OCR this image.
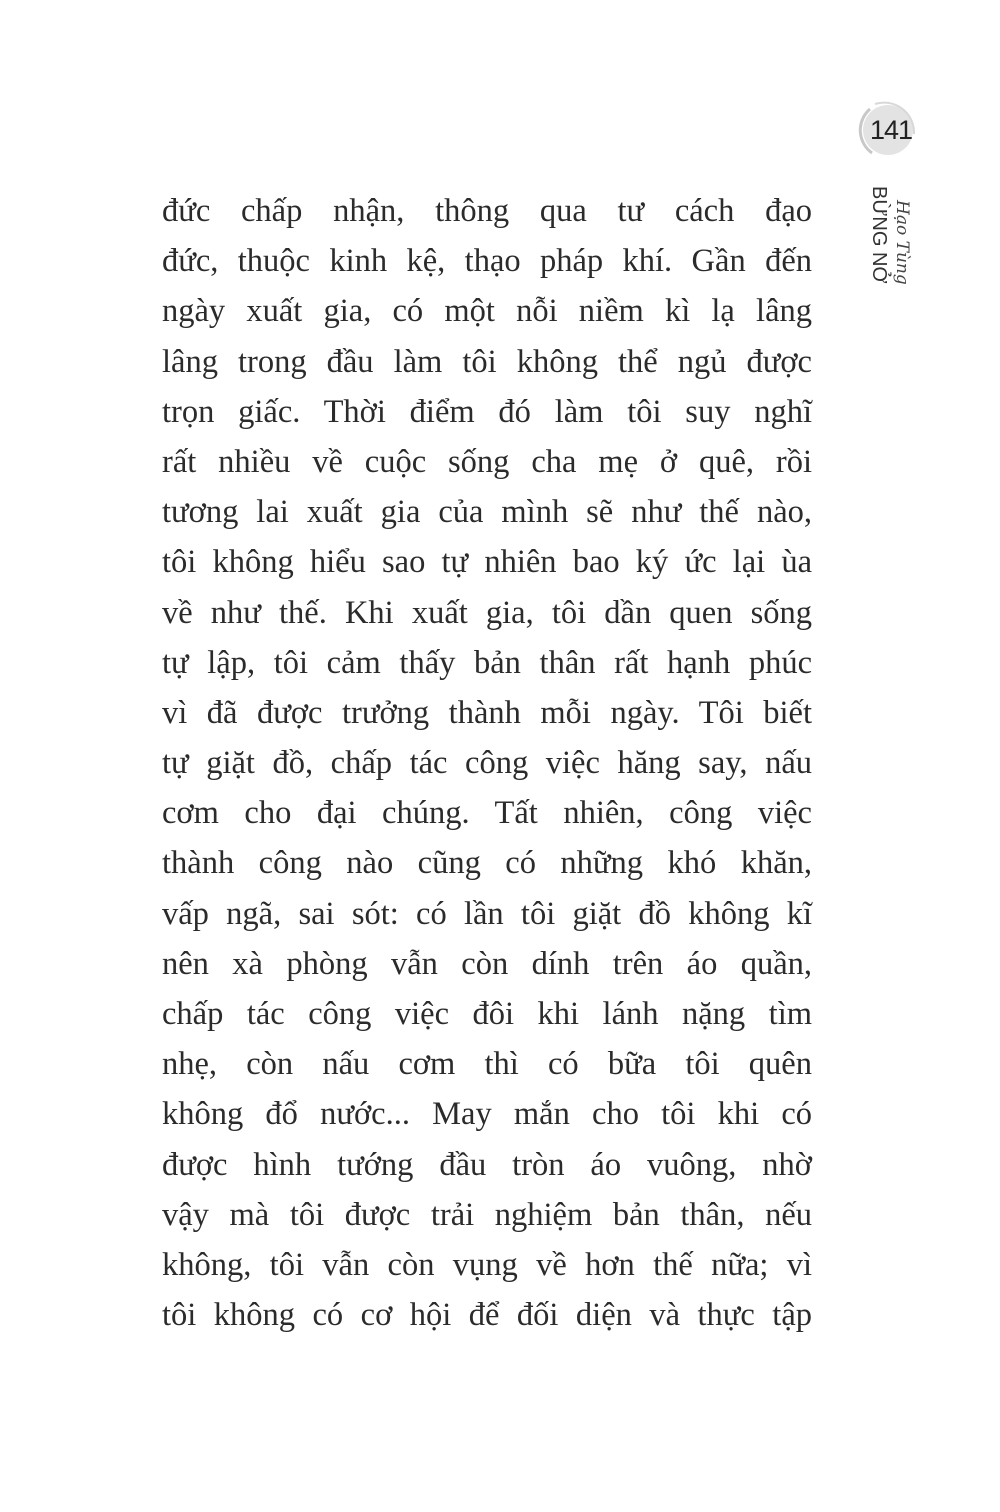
141
BỪNG NỞ Hạo Tùng
đức chấp nhận, thông qua tư cách đạo
đức, thuộc kinh kệ, thạo pháp khí. Gần đến
ngày xuất gia, có một nỗi niềm kì lạ lâng
lâng trong đầu làm tôi không thể ngủ được
trọn giấc. Thời điểm đó làm tôi suy nghĩ
rất nhiều về cuộc sống cha mẹ ở quê, rồi
tương lai xuất gia của mình sẽ như thế nào,
tôi không hiểu sao tự nhiên bao ký ức lại ùa
về như thế. Khi xuất gia, tôi dần quen sống
tự lập, tôi cảm thấy bản thân rất hạnh phúc
vì đã được trưởng thành mỗi ngày. Tôi biết
tự giặt đồ, chấp tác công việc hăng say, nấu
cơm cho đại chúng. Tất nhiên, công việc
thành công nào cũng có những khó khăn,
vấp ngã, sai sót: có lần tôi giặt đồ không kĩ
nên xà phòng vẫn còn dính trên áo quần,
chấp tác công việc đôi khi lánh nặng tìm
nhẹ, còn nấu cơm thì có bữa tôi quên
không đổ nước... May mắn cho tôi khi có
được hình tướng đầu tròn áo vuông, nhờ
vậy mà tôi được trải nghiệm bản thân, nếu
không, tôi vẫn còn vụng về hơn thế nữa; vì
tôi không có cơ hội để đối diện và thực tập
